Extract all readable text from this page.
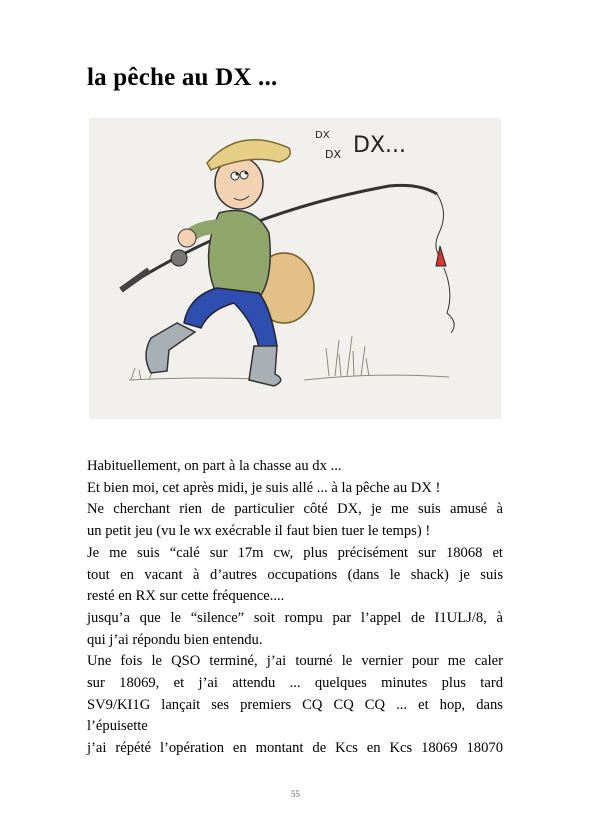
la pêche au DX ...
DX
DX DX...
Habituellement, on part à la chasse au dx ...
Et bien moi, cet après midi, je suis allé ... à la pêche au DX !
Ne cherchant rien de particulier côté DX, je me suis amusé à
un petit jeu (vu le wx exécrable il faut bien tuer le temps) !
Je me suis “calé sur 17m cw, plus précisément sur 18068 et
tout en vacant à d’autres occupations (dans le shack) je suis
resté en RX sur cette fréquence....
jusqu’a que le “silence” soit rompu par l’appel de I1ULJ/8, à
qui j’ai répondu bien entendu.
Une fois le QSO terminé, j’ai tourné le vernier pour me caler
sur 18069, et j’ai attendu ... quelques minutes plus tard
SV9/KI1G lançait ses premiers CQ CQ CQ ... et hop, dans
l’épuisette
j’ai répété l’opération en montant de Kcs en Kcs 18069 18070
55
